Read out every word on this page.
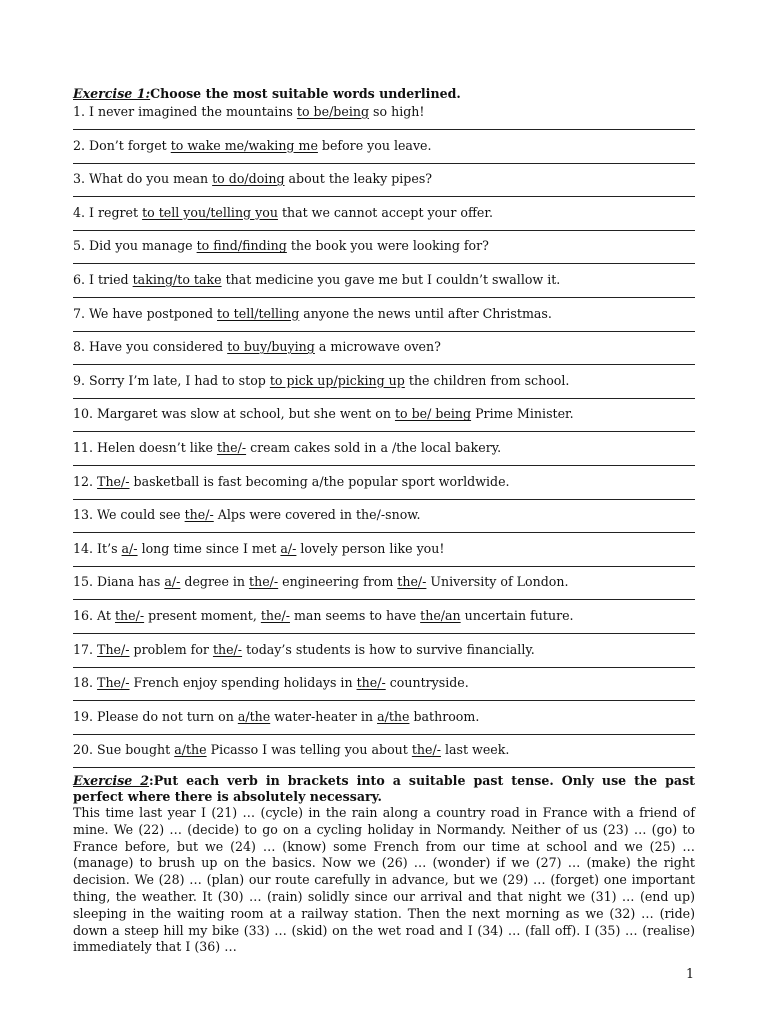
Exercise 1:Choose the most suitable words underlined.
1. I never imagined the mountains to be/being so high!
2. Don’t forget to wake me/waking me before you leave.
3. What do you mean to do/doing about the leaky pipes?
4. I regret to tell you/telling you that we cannot accept your offer.
5. Did you manage to find/finding the book you were looking for?
6. I tried taking/to take that medicine you gave me but I couldn’t swallow it.
7. We have postponed to tell/telling anyone the news until after Christmas.
8. Have you considered to buy/buying a microwave oven?
9. Sorry I’m late, I had to stop to pick up/picking up the children from school.
10. Margaret was slow at school, but she went on to be/ being Prime Minister.
11. Helen doesn’t like the/- cream cakes sold in a /the local bakery.
12. The/- basketball is fast becoming a/the popular sport worldwide.
13. We could see the/- Alps were covered in the/-snow.
14. It’s a/- long time since I met a/- lovely person like you!
15. Diana has a/- degree in the/- engineering from the/- University of London.
16. At the/- present moment, the/- man seems to have the/an uncertain future.
17. The/- problem for the/- today’s students is how to survive financially.
18. The/- French enjoy spending holidays in the/- countryside.
19. Please do not turn on a/the water-heater in a/the bathroom.
20. Sue bought a/the Picasso I was telling you about the/- last week.
Exercise 2:Put each verb in brackets into a suitable past tense. Only use the past perfect where there is absolutely necessary.
This time last year I (21) … (cycle) in the rain along a country road in France with a friend of mine. We (22) … (decide) to go on a cycling holiday in Normandy. Neither of us (23) … (go) to France before, but we (24) … (know) some French from our time at school and we (25) … (manage) to brush up on the basics. Now we (26) … (wonder) if we (27) … (make) the right decision. We (28) … (plan) our route carefully in advance, but we (29) … (forget) one important thing, the weather. It (30) … (rain) solidly since our arrival and that night we (31) … (end up) sleeping in the waiting room at a railway station. Then the next morning as we (32) … (ride) down a steep hill my bike (33) … (skid) on the wet road and I (34) … (fall off). I (35) … (realise) immediately that I (36) …
1
